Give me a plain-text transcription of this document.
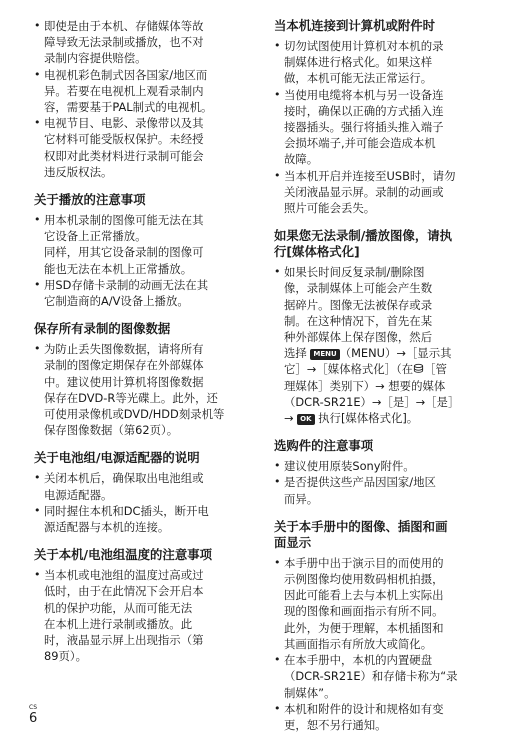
• 即使是由于本机、存储媒体等故
障导致无法录制或播放，也不对
录制内容提供赔偿。
• 电视机彩色制式因各国家/地区而
异。若要在电视机上观看录制内
容，需要基于PAL制式的电视机。
• 电视节目、电影、录像带以及其
它材料可能受版权保护。未经授
权即对此类材料进行录制可能会
违反版权法。
关于播放的注意事项
• 用本机录制的图像可能无法在其
它设备上正常播放。
同样，用其它设备录制的图像可
能也无法在本机上正常播放。
• 用SD存储卡录制的动画无法在其
它制造商的A/V设备上播放。
保存所有录制的图像数据
• 为防止丢失图像数据，请将所有
录制的图像定期保存在外部媒体
中。建议使用计算机将图像数据
保存在DVD-R等光碟上。此外，还
可使用录像机或DVD/HDD刻录机等
保存图像数据（第62页）。
关于电池组/电源适配器的说明
• 关闭本机后，确保取出电池组或
电源适配器。
• 同时握住本机和DC插头，断开电
源适配器与本机的连接。
关于本机/电池组温度的注意事项
• 当本机或电池组的温度过高或过
低时，由于在此情况下会开启本
机的保护功能，从而可能无法
在本机上进行录制或播放。此
时，液晶显示屏上出现指示（第
89页）。
当本机连接到计算机或附件时
• 切勿试图使用计算机对本机的录
制媒体进行格式化。如果这样
做，本机可能无法正常运行。
• 当使用电缆将本机与另一设备连
接时，确保以正确的方式插入连
接器插头。强行将插头推入端子
会损坏端子,并可能会造成本机
故障。
• 当本机开启并连接至USB时，请勿
关闭液晶显示屏。录制的动画或
照片可能会丢失。
如果您无法录制/播放图像，请执
行[媒体格式化]
• 如果长时间反复录制/删除图
像，录制媒体上可能会产生数
据碎片。图像无法被保存或录
制。在这种情况下，首先在某
种外部媒体上保存图像，然后
选择 MENU （MENU）→［显示其
它］→［媒体格式化］（在 ［管
理媒体］类别下）→ 想要的媒体
（DCR-SR21E）→［是］→［是］
→ OK 执行[媒体格式化]。
选购件的注意事项
• 建议使用原装Sony附件。
• 是否提供这些产品因国家/地区
而异。
关于本手册中的图像、插图和画
面显示
• 本手册中出于演示目的而使用的
示例图像均使用数码相机拍摄，
因此可能看上去与本机上实际出
现的图像和画面指示有所不同。
此外，为便于理解，本机插图和
其画面指示有所放大或简化。
• 在本手册中，本机的内置硬盘
（DCR-SR21E）和存储卡称为“录
制媒体”。
• 本机和附件的设计和规格如有变
更，恕不另行通知。
CS
6
